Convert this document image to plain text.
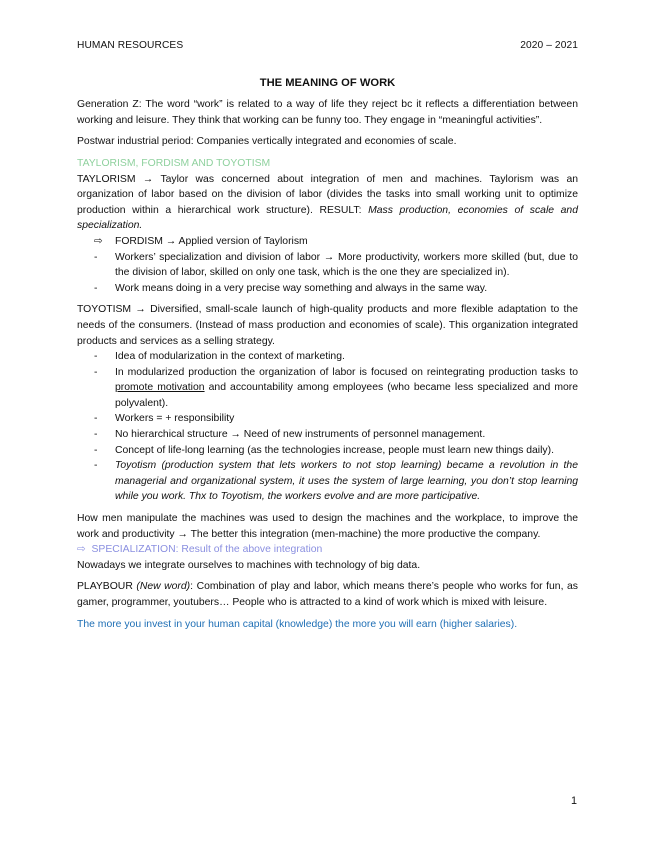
HUMAN RESOURCES	2020 – 2021
THE MEANING OF WORK

Generation Z: The word “work” is related to a way of life they reject bc it reflects a differentiation between working and leisure. They think that working can be funny too. They engage in “meaningful activities”.

Postwar industrial period: Companies vertically integrated and economies of scale.

TAYLORISM, FORDISM AND TOYOTISM

TAYLORISM → Taylor was concerned about integration of men and machines. Taylorism was an organization of labor based on the division of labor (divides the tasks into small working unit to optimize production within a hierarchical work structure). RESULT: Mass production, economies of scale and specialization.

⇨ FORDISM → Applied version of Taylorism
- Workers’ specialization and division of labor → More productivity, workers more skilled (but, due to the division of labor, skilled on only one task, which is the one they are specialized in).
- Work means doing in a very precise way something and always in the same way.

TOYOTISM → Diversified, small-scale launch of high-quality products and more flexible adaptation to the needs of the consumers. (Instead of mass production and economies of scale). This organization integrated products and services as a selling strategy.

- Idea of modularization in the context of marketing.
- In modularized production the organization of labor is focused on reintegrating production tasks to promote motivation and accountability among employees (who became less specialized and more polyvalent).
- Workers = + responsibility
- No hierarchical structure → Need of new instruments of personnel management.
- Concept of life-long learning (as the technologies increase, people must learn new things daily).
- Toyotism (production system that lets workers to not stop learning) became a revolution in the managerial and organizational system, it uses the system of large learning, you don’t stop learning while you work. Thx to Toyotism, the workers evolve and are more participative.

How men manipulate the machines was used to design the machines and the workplace, to improve the work and productivity → The better this integration (men-machine) the more productive the company.

⇨ SPECIALIZATION: Result of the above integration

Nowadays we integrate ourselves to machines with technology of big data.

PLAYBOUR (New word): Combination of play and labor, which means there’s people who works for fun, as gamer, programmer, youtubers… People who is attracted to a kind of work which is mixed with leisure.

The more you invest in your human capital (knowledge) the more you will earn (higher salaries).

1
